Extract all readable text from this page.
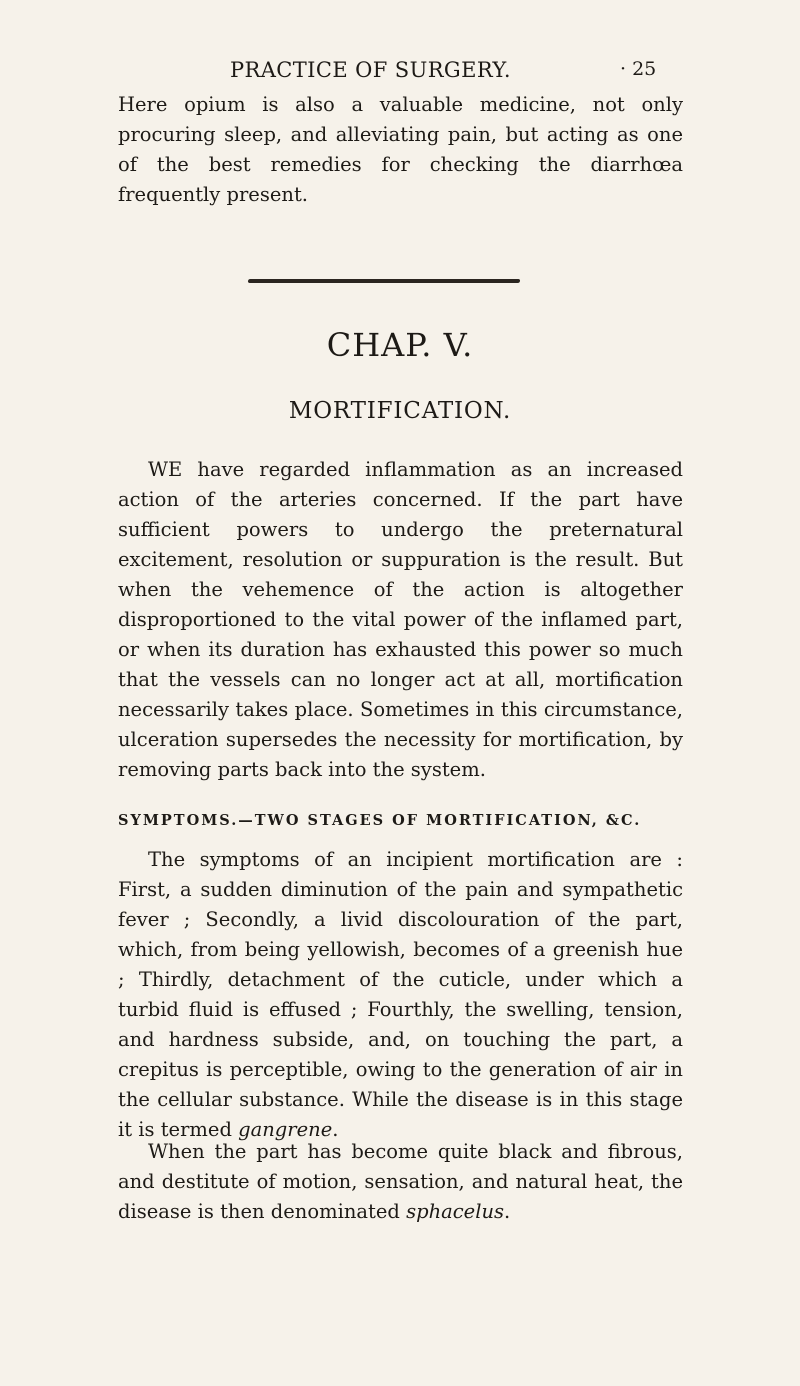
PRACTICE OF SURGERY.	· 25

Here opium is also a valuable medicine, not only procuring sleep, and alleviating pain, but acting as one of the best remedies for checking the diarrhœa frequently present.

CHAP. V.
MORTIFICATION.

WE have regarded inflammation as an increased action of the arteries concerned. If the part have sufficient powers to undergo the preternatural excitement, resolution or suppuration is the result. But when the vehemence of the action is altogether disproportioned to the vital power of the inflamed part, or when its duration has exhausted this power so much that the vessels can no longer act at all, mortification necessarily takes place. Sometimes in this circumstance, ulceration supersedes the necessity for mortification, by removing parts back into the system.

SYMPTOMS.—TWO STAGES OF MORTIFICATION, &C.

The symptoms of an incipient mortification are : First, a sudden diminution of the pain and sympathetic fever ; Secondly, a livid discolouration of the part, which, from being yellowish, becomes of a greenish hue ; Thirdly, detachment of the cuticle, under which a turbid fluid is effused ; Fourthly, the swelling, tension, and hardness subside, and, on touching the part, a crepitus is perceptible, owing to the generation of air in the cellular substance. While the disease is in this stage it is termed gangrene.

When the part has become quite black and fibrous, and destitute of motion, sensation, and natural heat, the disease is then denominated sphacelus.
